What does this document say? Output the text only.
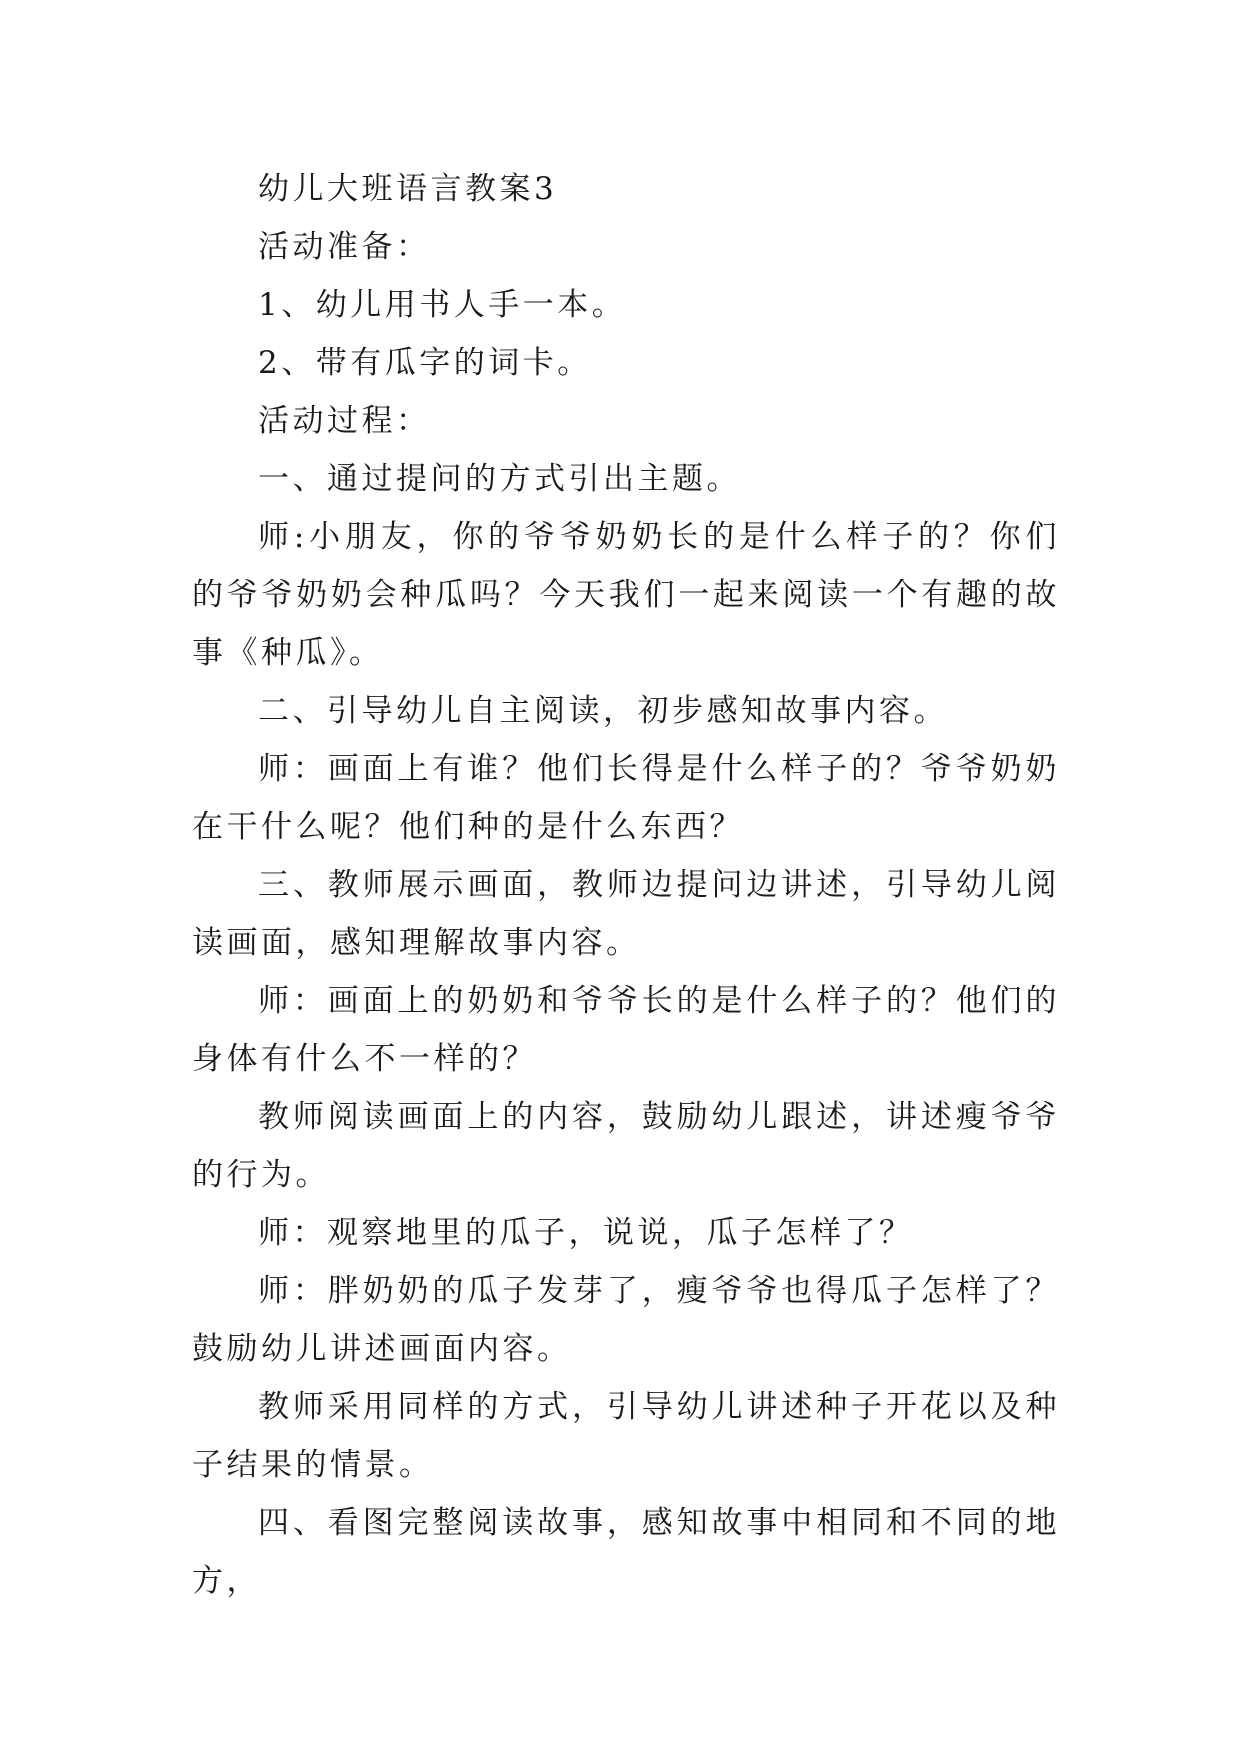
幼儿大班语言教案3

活动准备：

1、幼儿用书人手一本。

2、带有瓜字的词卡。

活动过程：

一、通过提问的方式引出主题。

师:小朋友，你的爷爷奶奶长的是什么样子的？你们的爷爷奶奶会种瓜吗？今天我们一起来阅读一个有趣的故事《种瓜》。

二、引导幼儿自主阅读，初步感知故事内容。

师：画面上有谁？他们长得是什么样子的？爷爷奶奶在干什么呢？他们种的是什么东西？

三、教师展示画面，教师边提问边讲述，引导幼儿阅读画面，感知理解故事内容。

师：画面上的奶奶和爷爷长的是什么样子的？他们的身体有什么不一样的？

教师阅读画面上的内容，鼓励幼儿跟述，讲述瘦爷爷的行为。

师：观察地里的瓜子，说说，瓜子怎样了？

师：胖奶奶的瓜子发芽了，瘦爷爷也得瓜子怎样了？鼓励幼儿讲述画面内容。

教师采用同样的方式，引导幼儿讲述种子开花以及种子结果的情景。

四、看图完整阅读故事，感知故事中相同和不同的地方，
